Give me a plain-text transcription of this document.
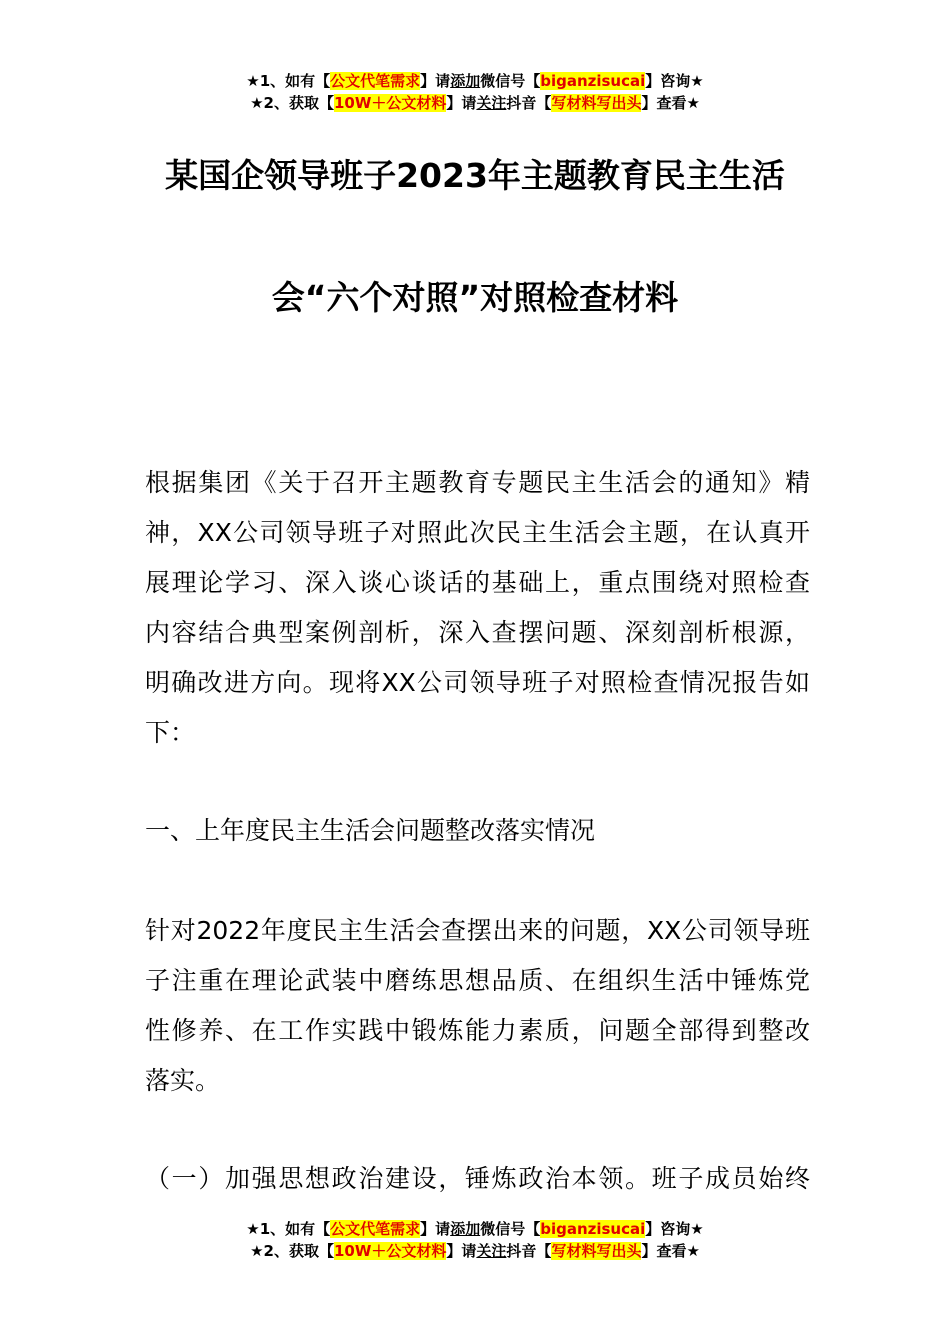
★1、如有【公文代笔需求】请添加微信号【biganzisucai】咨询★
★2、获取【10W＋公文材料】请关注抖音【写材料写出头】查看★
某国企领导班子2023年主题教育民主生活
会“六个对照”对照检查材料
根据集团《关于召开主题教育专题民主生活会的通知》精
神，XX公司领导班子对照此次民主生活会主题，在认真开
展理论学习、深入谈心谈话的基础上，重点围绕对照检查
内容结合典型案例剖析，深入查摆问题、深刻剖析根源，
明确改进方向。现将XX公司领导班子对照检查情况报告如
下：
一、上年度民主生活会问题整改落实情况
针对2022年度民主生活会查摆出来的问题，XX公司领导班
子注重在理论武装中磨练思想品质、在组织生活中锤炼党
性修养、在工作实践中锻炼能力素质，问题全部得到整改
落实。
（一）加强思想政治建设，锤炼政治本领。班子成员始终
★1、如有【公文代笔需求】请添加微信号【biganzisucai】咨询★
★2、获取【10W＋公文材料】请关注抖音【写材料写出头】查看★
